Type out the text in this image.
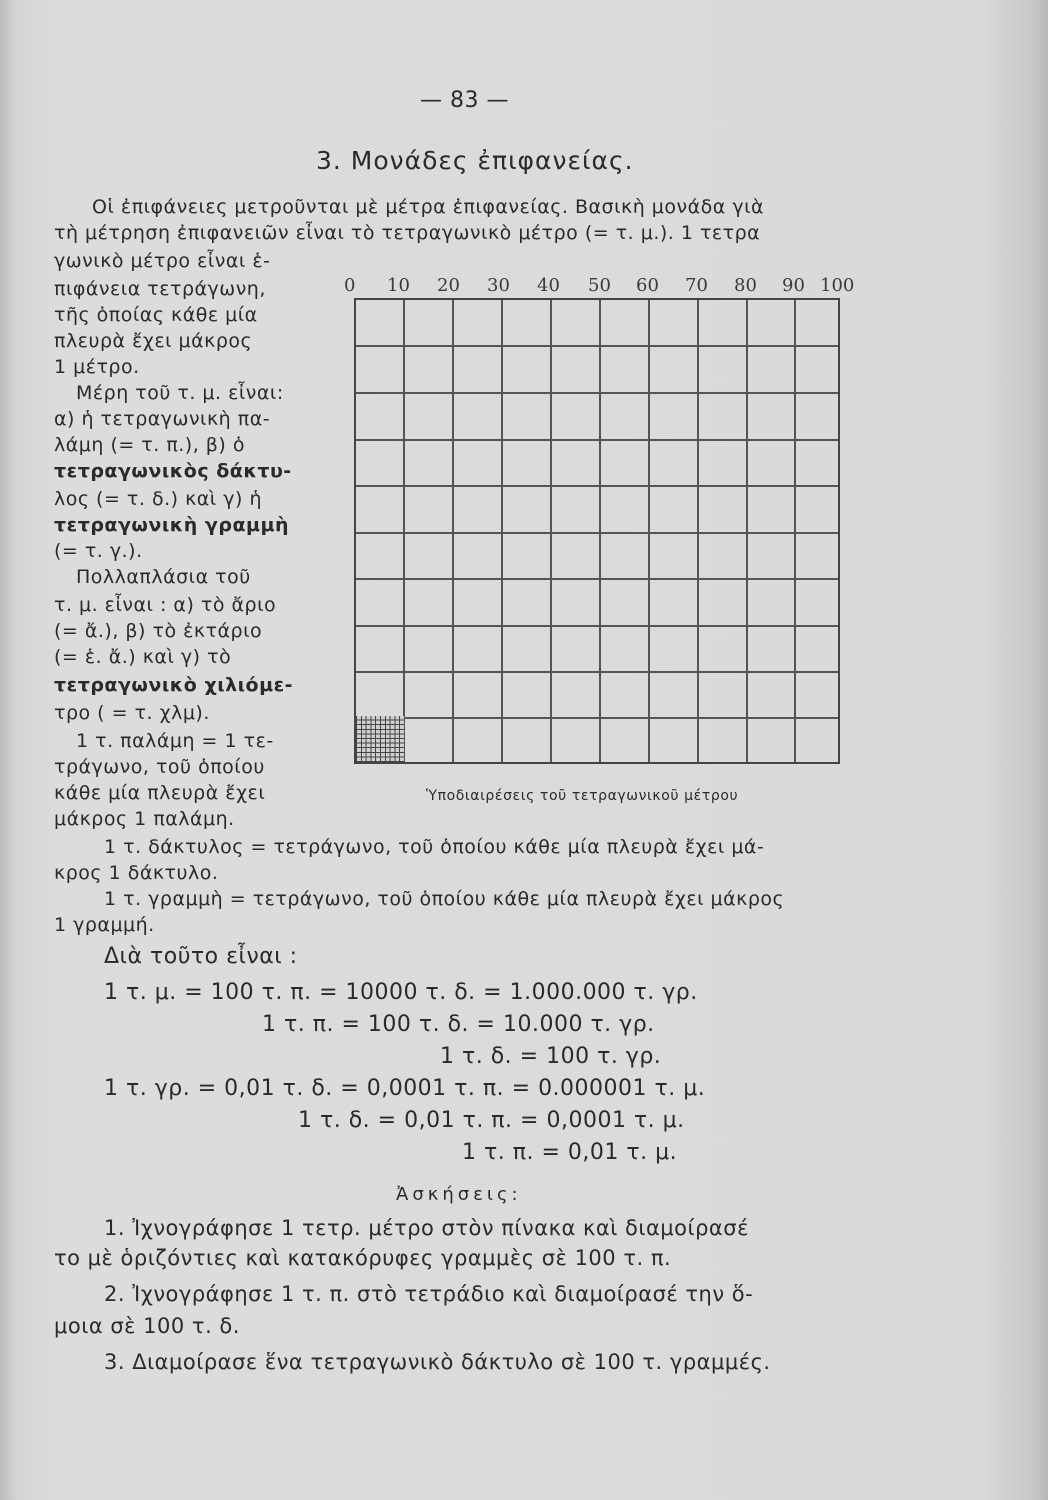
— 83 —
3. Μονάδες ἐπιφανείας.
Οἱ ἐπιφάνειες μετροῦνται μὲ μέτρα ἐπιφανείας. Βασικὴ μονάδα γιὰ
τὴ μέτρηση ἐπιφανειῶν εἶναι τὸ τετραγωνικὸ μέτρο (= τ. μ.). 1 τετρα
γωνικὸ μέτρο εἶναι ἑ-
πιφάνεια τετράγωνη,
τῆς ὁποίας κάθε μία
πλευρὰ ἔχει μάκρος
1 μέτρο.
Μέρη τοῦ τ. μ. εἶναι:
α) ἡ τετραγωνικὴ πα-
λάμη (= τ. π.), β) ὁ
τετραγωνικὸς δάκτυ-
λος (= τ. δ.) καὶ γ) ἡ
τετραγωνικὴ γραμμὴ
(= τ. γ.).
Πολλαπλάσια τοῦ
τ. μ. εἶναι : α) τὸ ἄριο
(= ἄ.), β) τὸ ἐκτάριο
(= ἑ. ἄ.) καὶ γ) τὸ
τετραγωνικὸ χιλιόμε-
τρο ( = τ. χλμ).
1 τ. παλάμη = 1 τε-
τράγωνο, τοῦ ὁποίου
κάθε μία πλευρὰ ἔχει
μάκρος 1 παλάμη.
0 10 20 30 40 50 60 70 80 90 100
Ὑποδιαιρέσεις τοῦ τετραγωνικοῦ μέτρου
1 τ. δάκτυλος = τετράγωνο, τοῦ ὁποίου κάθε μία πλευρὰ ἔχει μά-
κρος 1 δάκτυλο.
1 τ. γραμμὴ = τετράγωνο, τοῦ ὁποίου κάθε μία πλευρὰ ἔχει μάκρος
1 γραμμή.
Διὰ τοῦτο εἶναι :
1 τ. μ. = 100 τ. π. = 10000 τ. δ. = 1.000.000 τ. γρ.
1 τ. π. = 100 τ. δ. = 10.000 τ. γρ.
1 τ. δ. = 100 τ. γρ.
1 τ. γρ. = 0,01 τ. δ. = 0,0001 τ. π. = 0.000001 τ. μ.
1 τ. δ. = 0,01 τ. π. = 0,0001 τ. μ.
1 τ. π. = 0,01 τ. μ.
Ἀσκήσεις:
1. Ἰχνογράφησε 1 τετρ. μέτρο στὸν πίνακα καὶ διαμοίρασέ
τo μὲ ὁριζόντιες καὶ κατακόρυφες γραμμὲς σὲ 100 τ. π.
2. Ἰχνογράφησε 1 τ. π. στὸ τετράδιο καὶ διαμοίρασέ την ὅ-
μοια σὲ 100 τ. δ.
3. Διαμοίρασε ἕνα τετραγωνικὸ δάκτυλο σὲ 100 τ. γραμμές.
